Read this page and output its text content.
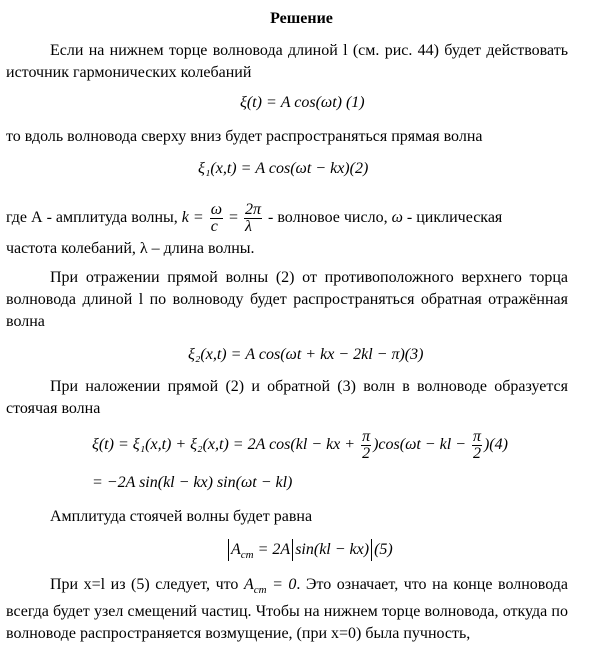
Решение
Если на нижнем торце волновода длиной l (см. рис. 44) будет действовать источник гармонических колебаний
ξ(t) = A cos(ωt) (1)
то вдоль волновода сверху вниз будет распространяться прямая волна
ξ₁(x,t) = A cos(ωt − kx)(2)
где А - амплитуда волны, $k = \frac{\omega}{c} = \frac{2\pi}{\lambda}$ - волновое число, ω - циклическая
частота колебаний, λ – длина волны.
При отражении прямой волны (2) от противоположного верхнего торца волновода длиной l по волноводу будет распространяться обратная отражённая волна
ξ₂(x,t) = A cos(ωt + kx − 2kl − π)(3)
При наложении прямой (2) и обратной (3) волн в волноводе образуется стоячая волна
ξ(t) = ξ₁(x,t) + ξ₂(x,t) = 2A cos(kl − kx + $\frac{\pi}{2} )\cos(\omega t$ − kl − $\frac{\pi}{2} )(4)$
= −2A sin(kl − kx) sin(ωt − kl)
Амплитуда стоячей волны будет равна
$A_{cm} = 2A$ sin(kl − kx) (5)
При x=l из (5) следует, что $A_{cm} = 0$. Это означает, что на конце волновода всегда будет узел смещений частиц. Чтобы на нижнем торце волновода, откуда по волноводе распространяется возмущение, (при x=0) была пучность,
